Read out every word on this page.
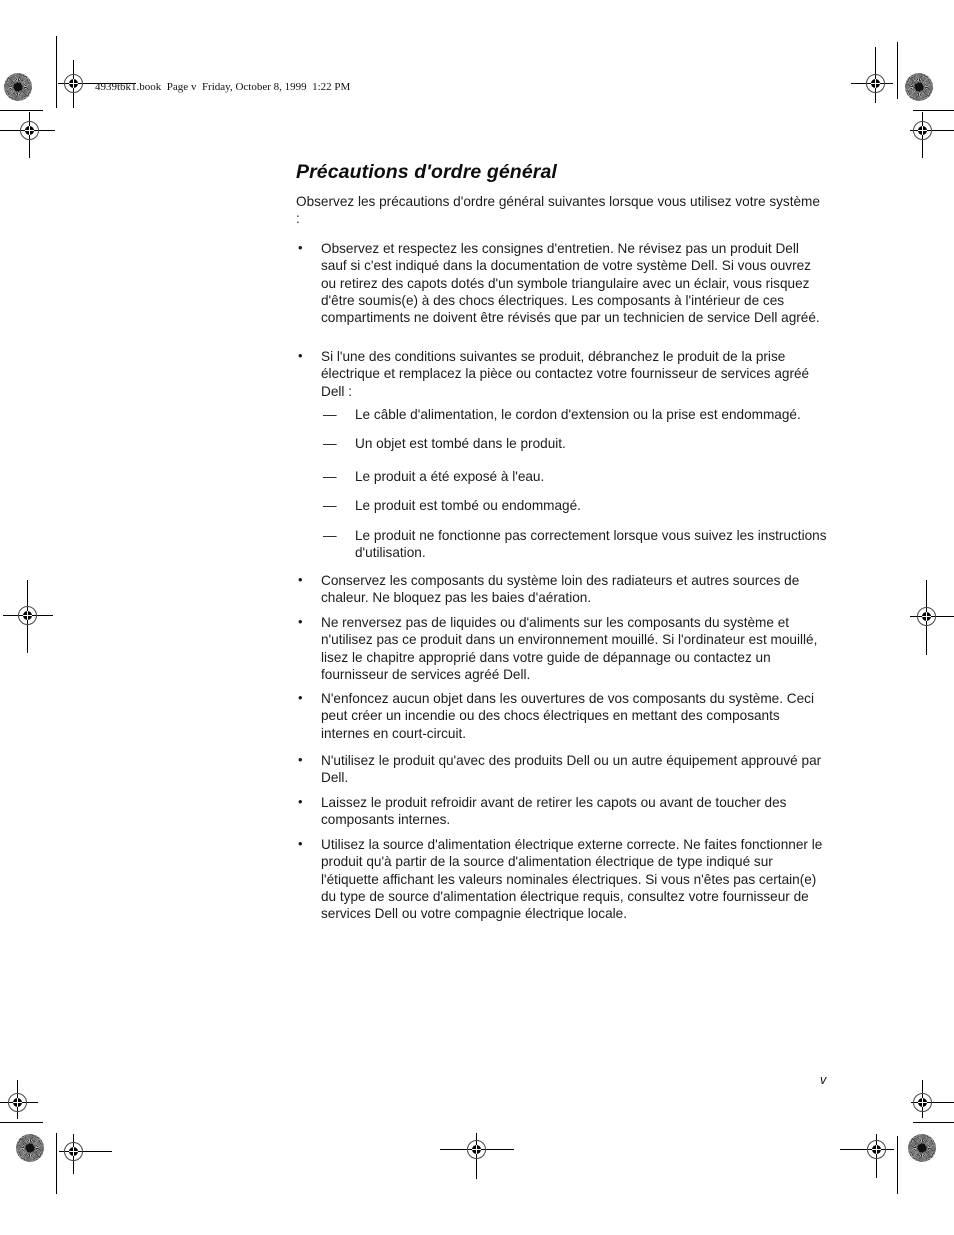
4939tbk1.book  Page v  Friday, October 8, 1999  1:22 PM
Précautions d'ordre général
Observez les précautions d'ordre général suivantes lorsque vous utilisez votre système :
• Observez et respectez les consignes d'entretien. Ne révisez pas un produit Dell sauf si c'est indiqué dans la documentation de votre système Dell. Si vous ouvrez ou retirez des capots dotés d'un symbole triangulaire avec un éclair, vous risquez d'être soumis(e) à des chocs électriques. Les composants à l'intérieur de ces compartiments ne doivent être révisés que par un technicien de service Dell agréé.
• Si l'une des conditions suivantes se produit, débranchez le produit de la prise électrique et remplacez la pièce ou contactez votre fournisseur de services agréé Dell :
— Le câble d'alimentation, le cordon d'extension ou la prise est endommagé.
— Un objet est tombé dans le produit.
— Le produit a été exposé à l'eau.
— Le produit est tombé ou endommagé.
— Le produit ne fonctionne pas correctement lorsque vous suivez les instructions d'utilisation.
• Conservez les composants du système loin des radiateurs et autres sources de chaleur. Ne bloquez pas les baies d'aération.
• Ne renversez pas de liquides ou d'aliments sur les composants du système et n'utilisez pas ce produit dans un environnement mouillé. Si l'ordinateur est mouillé, lisez le chapitre approprié dans votre guide de dépannage ou contactez un fournisseur de services agréé Dell.
• N'enfoncez aucun objet dans les ouvertures de vos composants du système. Ceci peut créer un incendie ou des chocs électriques en mettant des composants internes en court-circuit.
• N'utilisez le produit qu'avec des produits Dell ou un autre équipement approuvé par Dell.
• Laissez le produit refroidir avant de retirer les capots ou avant de toucher des composants internes.
• Utilisez la source d'alimentation électrique externe correcte. Ne faites fonctionner le produit qu'à partir de la source d'alimentation électrique de type indiqué sur l'étiquette affichant les valeurs nominales électriques. Si vous n'êtes pas certain(e) du type de source d'alimentation électrique requis, consultez votre fournisseur de services Dell ou votre compagnie électrique locale.
v
